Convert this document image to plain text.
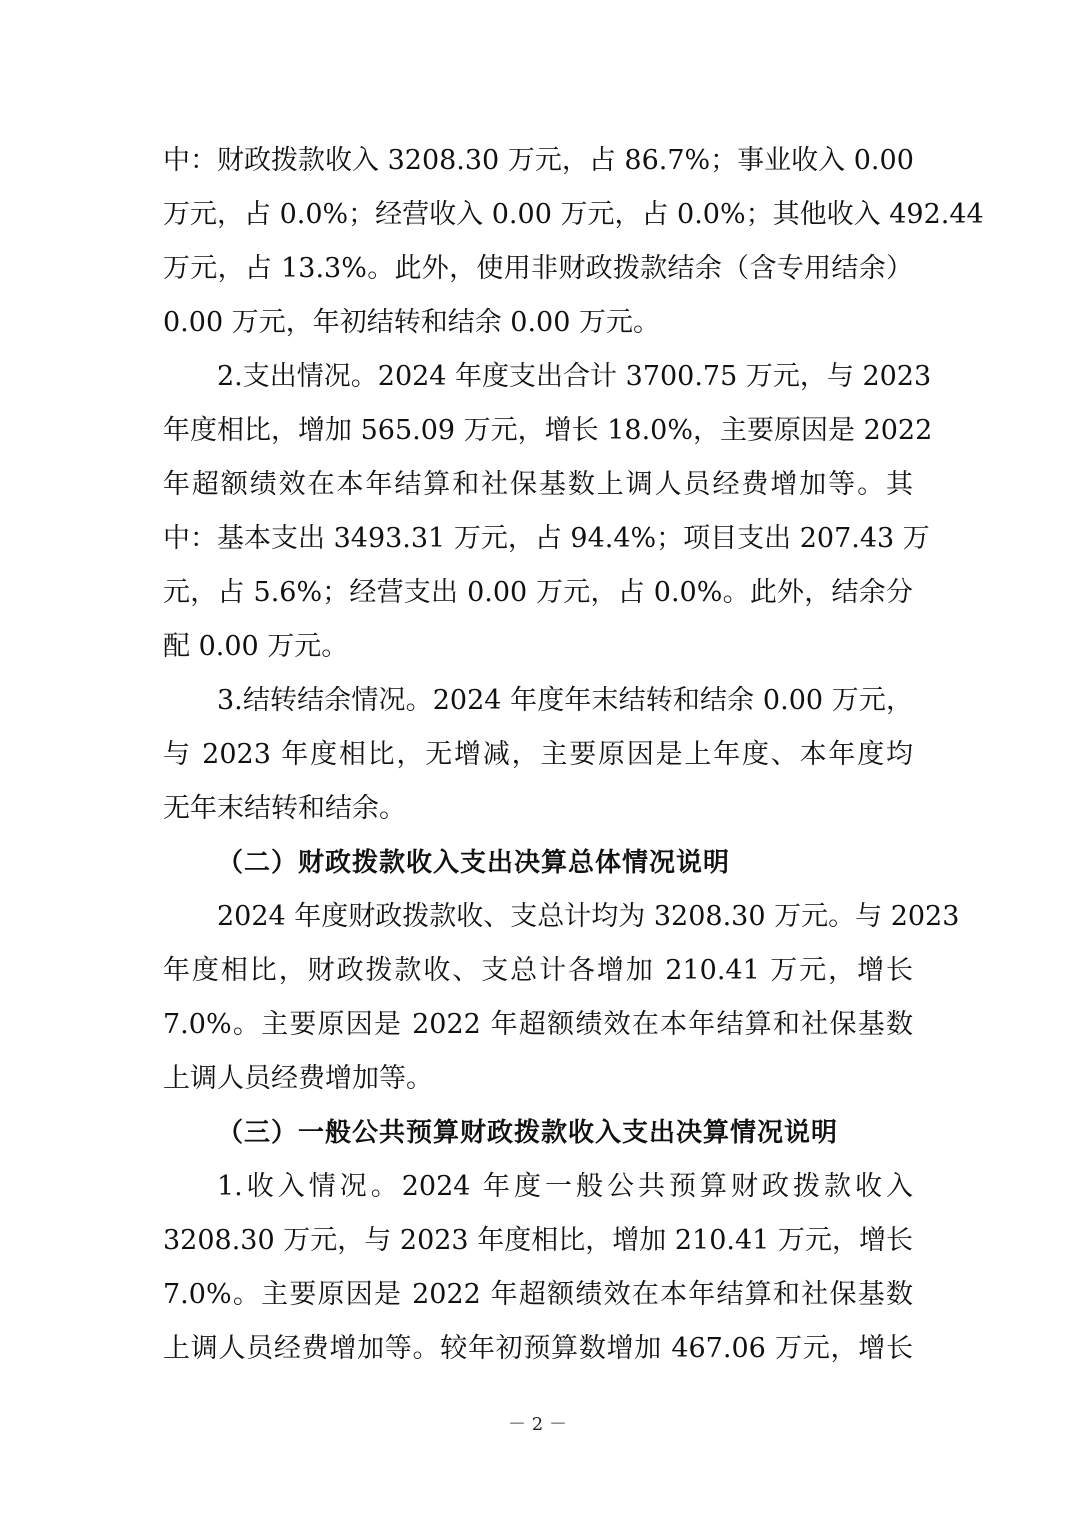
中：财政拨款收入 3208.30 万元，占 86.7%；事业收入 0.00
万元，占 0.0%；经营收入 0.00 万元，占 0.0%；其他收入 492.44
万元，占 13.3%。此外，使用非财政拨款结余（含专用结余）
0.00 万元，年初结转和结余 0.00 万元。
2.支出情况。2024 年度支出合计 3700.75 万元，与 2023
年度相比，增加 565.09 万元，增长 18.0%，主要原因是 2022
年超额绩效在本年结算和社保基数上调人员经费增加等。其
中：基本支出 3493.31 万元，占 94.4%；项目支出 207.43 万
元，占 5.6%；经营支出 0.00 万元，占 0.0%。此外，结余分
配 0.00 万元。
3.结转结余情况。2024 年度年末结转和结余 0.00 万元，
与 2023 年度相比，无增减，主要原因是上年度、本年度均
无年末结转和结余。
（二）财政拨款收入支出决算总体情况说明
2024 年度财政拨款收、支总计均为 3208.30 万元。与 2023
年度相比，财政拨款收、支总计各增加 210.41 万元，增长
7.0%。主要原因是 2022 年超额绩效在本年结算和社保基数
上调人员经费增加等。
（三）一般公共预算财政拨款收入支出决算情况说明
1.收入情况。2024 年度一般公共预算财政拨款收入
3208.30 万元，与 2023 年度相比，增加 210.41 万元，增长
7.0%。主要原因是 2022 年超额绩效在本年结算和社保基数
上调人员经费增加等。较年初预算数增加 467.06 万元，增长
－ 2 －
